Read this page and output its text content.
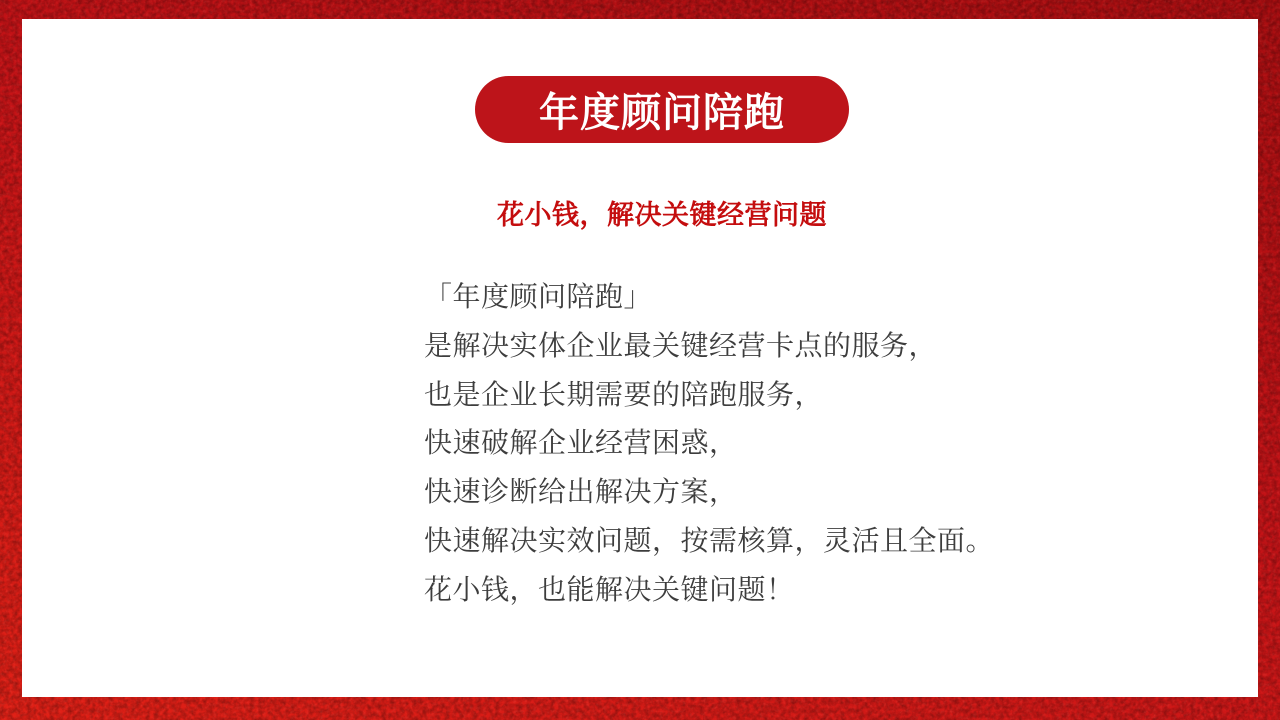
年度顾问陪跑
花小钱，解决关键经营问题

「年度顾问陪跑」

是解决实体企业最关键经营卡点的服务，

也是企业长期需要的陪跑服务，

快速破解企业经营困惑，

快速诊断给出解决方案，

快速解决实效问题，按需核算，灵活且全面。

花小钱，也能解决关键问题！
